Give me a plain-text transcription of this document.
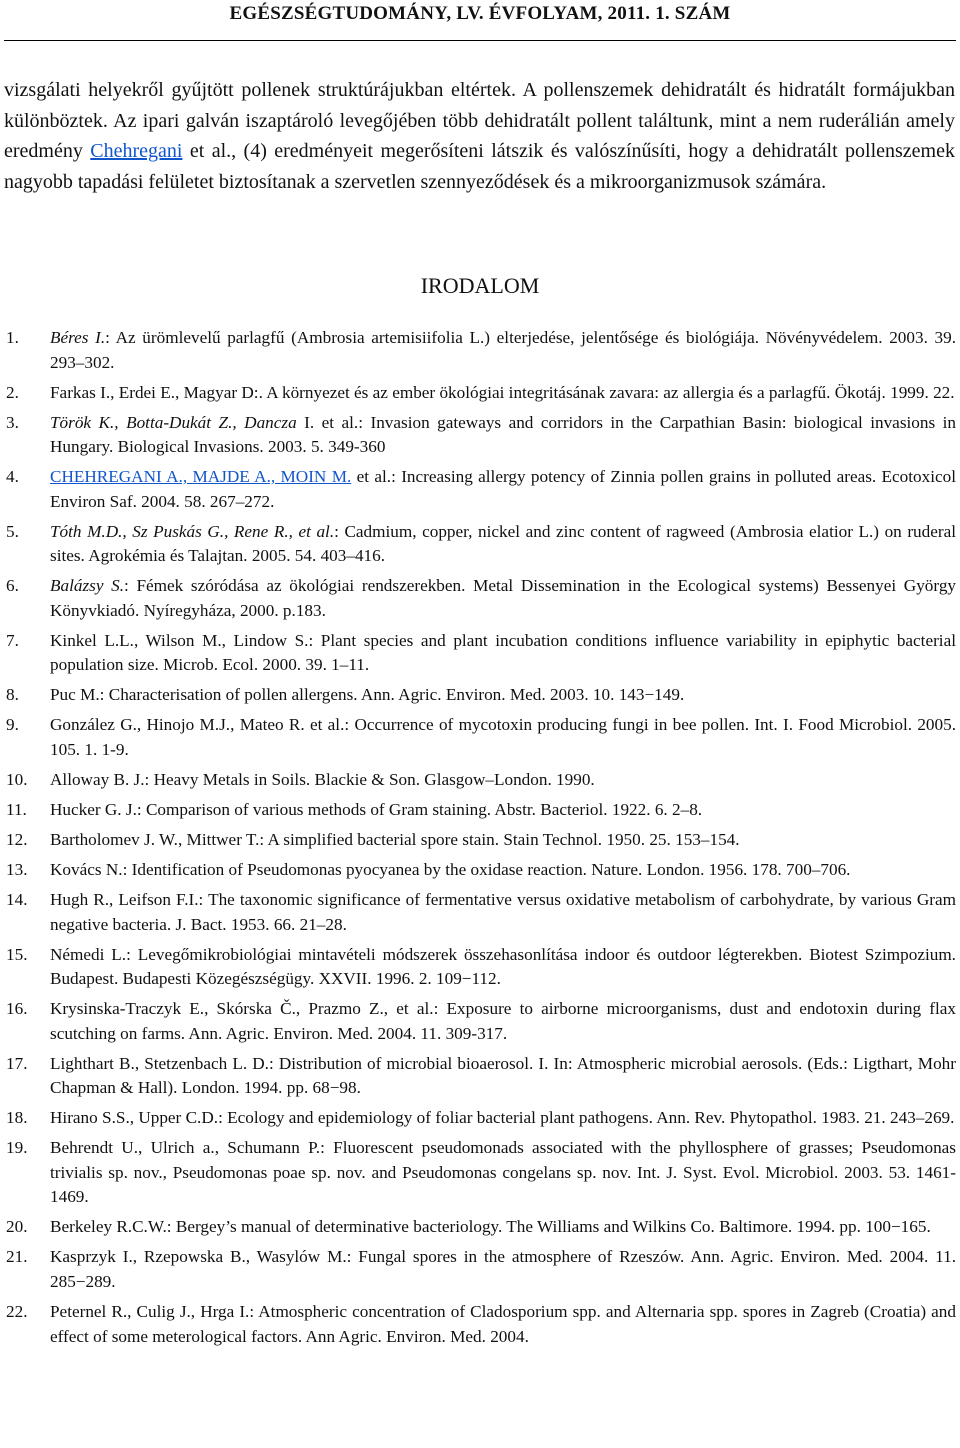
EGÉSZSÉGTUDOMÁNY, LV. ÉVFOLYAM, 2011. 1. SZÁM

vizsgálati helyekről gyűjtött pollenek struktúrájukban eltértek. A pollenszemek dehidratált és hidratált formájukban különböztek. Az ipari galván iszaptároló levegőjében több dehidratált pollent találtunk, mint a nem ruderálián amely eredmény Chehregani et al., (4) eredményeit megerősíteni látszik és valószínűsíti, hogy a dehidratált pollenszemek nagyobb tapadási felületet biztosítanak a szervetlen szennyeződések és a mikroorganizmusok számára.

IRODALOM
1.	Béres I.: Az ürömlevelű parlagfű (Ambrosia artemisiifolia L.) elterjedése, jelentősége és biológiája. Növényvédelem. 2003. 39. 293–302.
2.	Farkas I., Erdei E., Magyar D:. A környezet és az ember ökológiai integritásának zavara: az allergia és a parlagfű. Ökotáj. 1999. 22.
3.	Török K., Botta-Dukát Z., Dancza I. et al.: Invasion gateways and corridors in the Carpathian Basin: biological invasions in Hungary. Biological Invasions. 2003. 5. 349-360
4.	CHEHREGANI A., MAJDE A., MOIN M. et al.: Increasing allergy potency of Zinnia pollen grains in polluted areas. Ecotoxicol Environ Saf. 2004. 58. 267–272.
5.	Tóth M.D., Sz Puskás G., Rene R., et al.: Cadmium, copper, nickel and zinc content of ragweed (Ambrosia elatior L.) on ruderal sites. Agrokémia és Talajtan. 2005. 54. 403–416.
6.	Balázsy S.: Fémek szóródása az ökológiai rendszerekben. Metal Dissemination in the Ecological systems) Bessenyei György Könyvkiadó. Nyíregyháza, 2000. p.183.
7.	Kinkel L.L., Wilson M., Lindow S.: Plant species and plant incubation conditions influence variability in epiphytic bacterial population size. Microb. Ecol. 2000. 39. 1–11.
8.	Puc M.: Characterisation of pollen allergens. Ann. Agric. Environ. Med. 2003. 10. 143−149.
9.	González G., Hinojo M.J., Mateo R. et al.: Occurrence of mycotoxin producing fungi in bee pollen. Int. I. Food Microbiol. 2005. 105. 1. 1-9.
10.	Alloway B. J.: Heavy Metals in Soils. Blackie & Son. Glasgow–London. 1990.
11.	Hucker G. J.: Comparison of various methods of Gram staining. Abstr. Bacteriol. 1922. 6. 2–8.
12.	Bartholomev J. W., Mittwer T.: A simplified bacterial spore stain. Stain Technol. 1950. 25. 153–154.
13.	Kovács N.: Identification of Pseudomonas pyocyanea by the oxidase reaction. Nature. London. 1956. 178. 700–706.
14.	Hugh R., Leifson F.I.: The taxonomic significance of fermentative versus oxidative metabolism of carbohydrate, by various Gram negative bacteria. J. Bact. 1953. 66. 21–28.
15.	Némedi L.: Levegőmikrobiológiai mintavételi módszerek összehasonlítása indoor és outdoor légterekben. Biotest Szimpozium. Budapest. Budapesti Közegészségügy. XXVII. 1996. 2. 109−112.
16.	Krysinska-Traczyk E., Skórska Č., Prazmo Z., et al.: Exposure to airborne microorganisms, dust and endotoxin during flax scutching on farms. Ann. Agric. Environ. Med. 2004. 11. 309-317.
17.	Lighthart B., Stetzenbach L. D.: Distribution of microbial bioaerosol. I. In: Atmospheric microbial aerosols. (Eds.: Ligthart, Mohr Chapman & Hall). London. 1994. pp. 68−98.
18.	Hirano S.S., Upper C.D.: Ecology and epidemiology of foliar bacterial plant pathogens. Ann. Rev. Phytopathol. 1983. 21. 243–269.
19.	Behrendt U., Ulrich a., Schumann P.: Fluorescent pseudomonads associated with the phyllosphere of grasses; Pseudomonas trivialis sp. nov., Pseudomonas poae sp. nov. and Pseudomonas congelans sp. nov. Int. J. Syst. Evol. Microbiol. 2003. 53. 1461-1469.
20.	Berkeley R.C.W.: Bergey’s manual of determinative bacteriology. The Williams and Wilkins Co. Baltimore. 1994. pp. 100−165.
21.	Kasprzyk I., Rzepowska B., Wasylów M.: Fungal spores in the atmosphere of Rzeszów. Ann. Agric. Environ. Med. 2004. 11. 285−289.
22.	Peternel R., Culig J., Hrga I.: Atmospheric concentration of Cladosporium spp. and Alternaria spp. spores in Zagreb (Croatia) and effect of some meterological factors. Ann Agric. Environ. Med. 2004.
